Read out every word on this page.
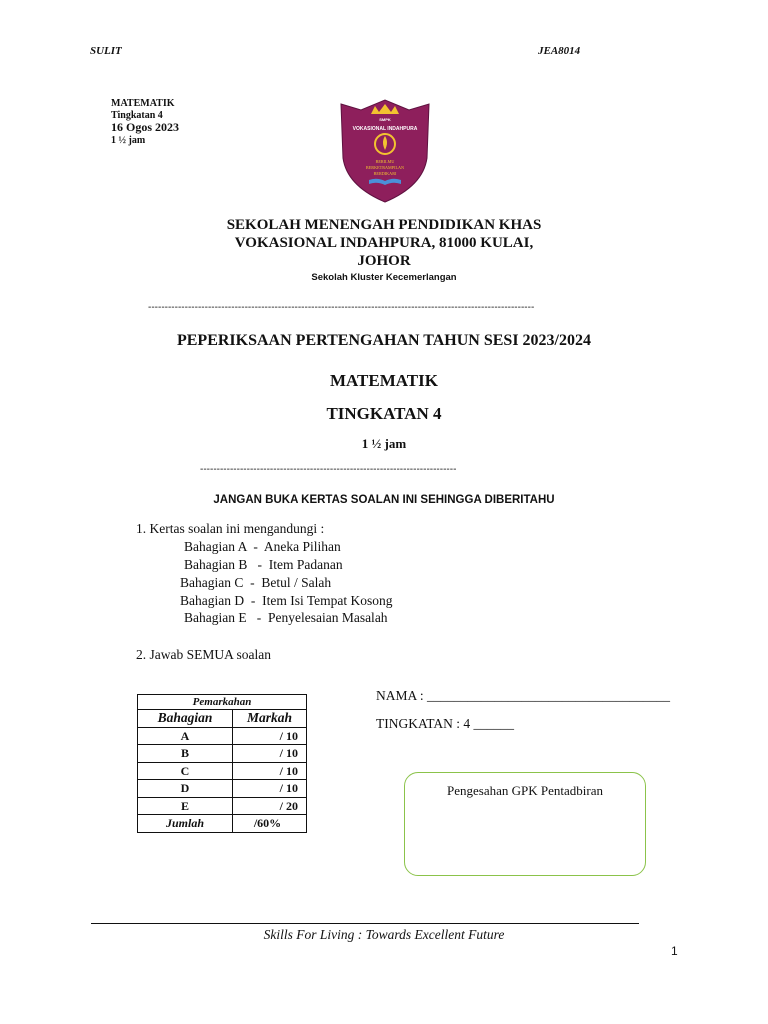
SULIT	JEA8014
MATEMATIK
Tingkatan 4
16 Ogos 2023
1 ½ jam
SMPK
VOKASIONAL INDAHPURA
BERILMU
BERKETRAMPILAN
BERDIKARI
SEKOLAH MENENGAH PENDIDIKAN KHAS
VOKASIONAL INDAHPURA, 81000 KULAI,
JOHOR
Sekolah Kluster Kecemerlangan
--------------------------------------------------------------------------------------------------------------------
PEPERIKSAAN PERTENGAHAN TAHUN SESI 2023/2024
MATEMATIK
TINGKATAN 4
1 ½ jam
-----------------------------------------------------------------------------
JANGAN BUKA KERTAS SOALAN INI SEHINGGA DIBERITAHU
1. Kertas soalan ini mengandungi :
Bahagian A  -  Aneka Pilihan
Bahagian B   -  Item Padanan
Bahagian C  -  Betul / Salah
Bahagian D  -  Item Isi Tempat Kosong
Bahagian E   -  Penyelesaian Masalah
2. Jawab SEMUA soalan
Pemarkahan	
Bahagian	Markah
A	/ 10
B	/ 10
C	/ 10
D	/ 10
E	/ 20
Jumlah	/60%
NAMA : ____________________________________
TINGKATAN : 4 ______
Pengesahan GPK Pentadbiran
Skills For Living : Towards Excellent Future
1
